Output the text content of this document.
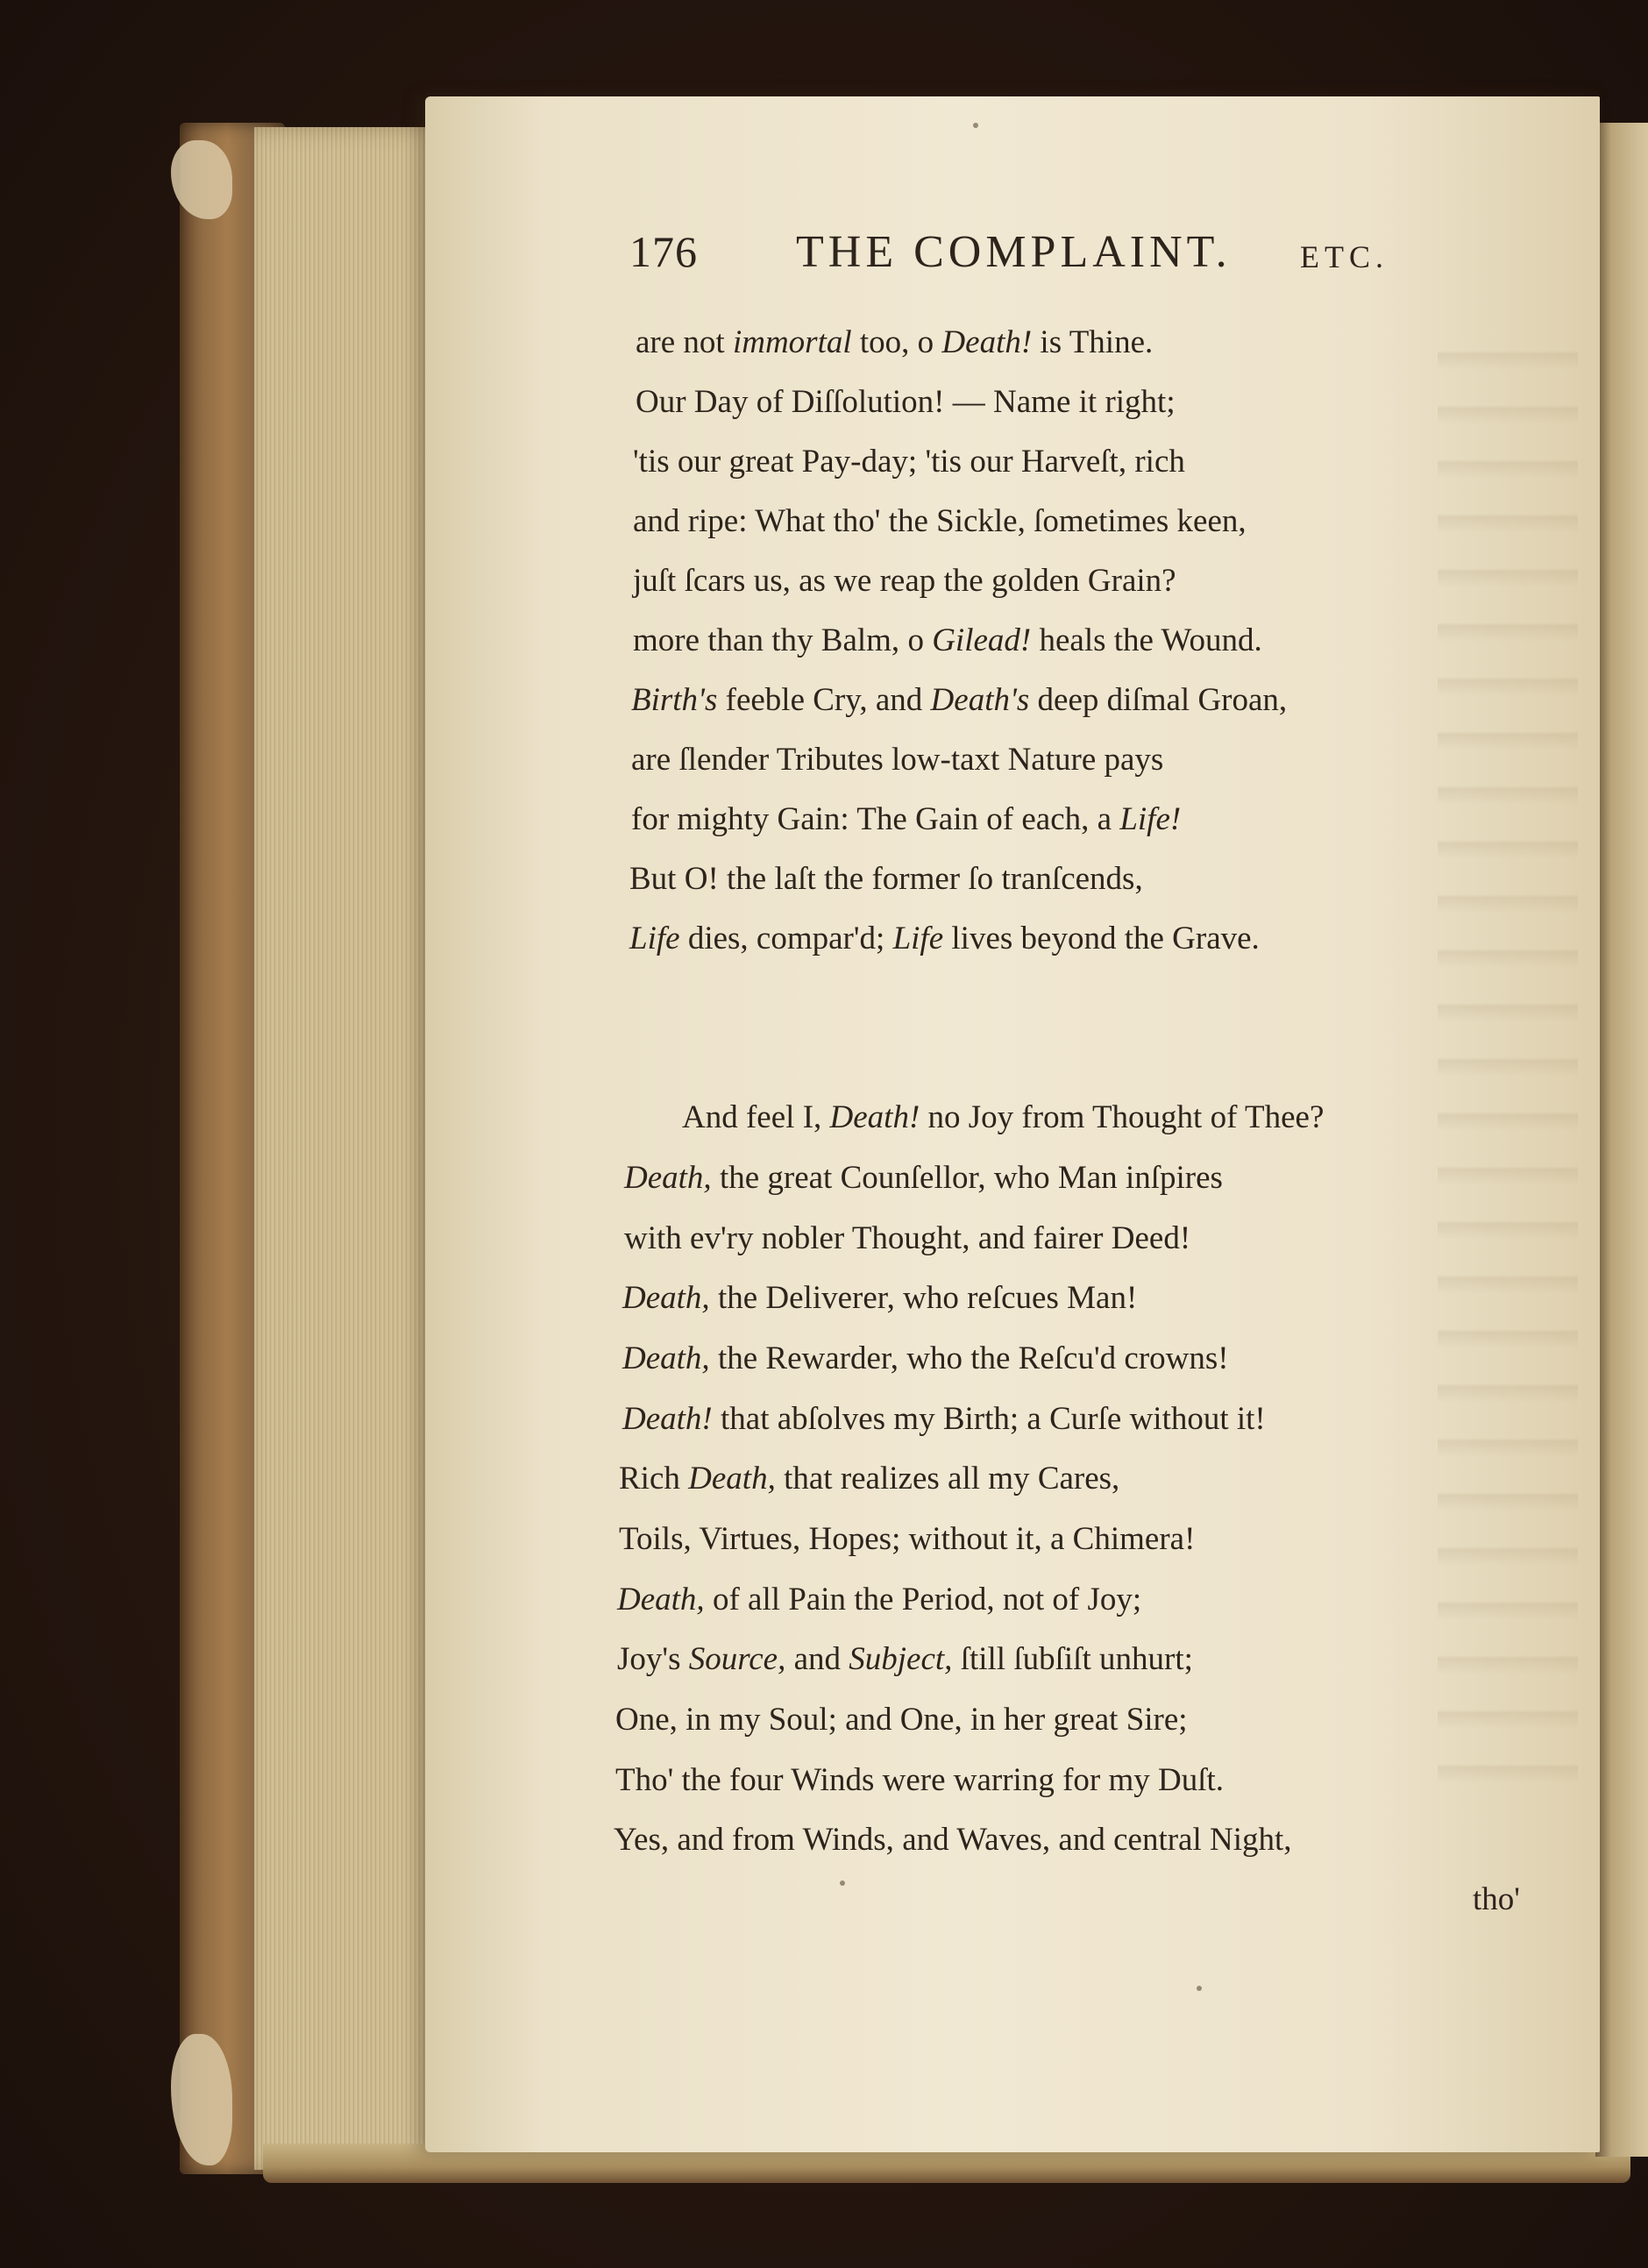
176 THE COMPLAINT. ETC.
are not immortal too, o Death! is Thine.
Our Day of Diſſolution! — Name it right;
'tis our great Pay-day; 'tis our Harveſt, rich
and ripe: What tho' the Sickle, ſometimes keen,
juſt ſcars us, as we reap the golden Grain?
more than thy Balm, o Gilead! heals the Wound.
Birth's feeble Cry, and Death's deep diſmal Groan,
are ſlender Tributes low-taxt Nature pays
for mighty Gain: The Gain of each, a Life!
But O! the laſt the former ſo tranſcends,
Life dies, compar'd; Life lives beyond the Grave.
And feel I, Death! no Joy from Thought of Thee?
Death, the great Counſellor, who Man inſpires
with ev'ry nobler Thought, and fairer Deed!
Death, the Deliverer, who reſcues Man!
Death, the Rewarder, who the Reſcu'd crowns!
Death! that abſolves my Birth; a Curſe without it!
Rich Death, that realizes all my Cares,
Toils, Virtues, Hopes; without it, a Chimera!
Death, of all Pain the Period, not of Joy;
Joy's Source, and Subject, ſtill ſubſiſt unhurt;
One, in my Soul; and One, in her great Sire;
Tho' the four Winds were warring for my Duſt.
Yes, and from Winds, and Waves, and central Night,
tho'
